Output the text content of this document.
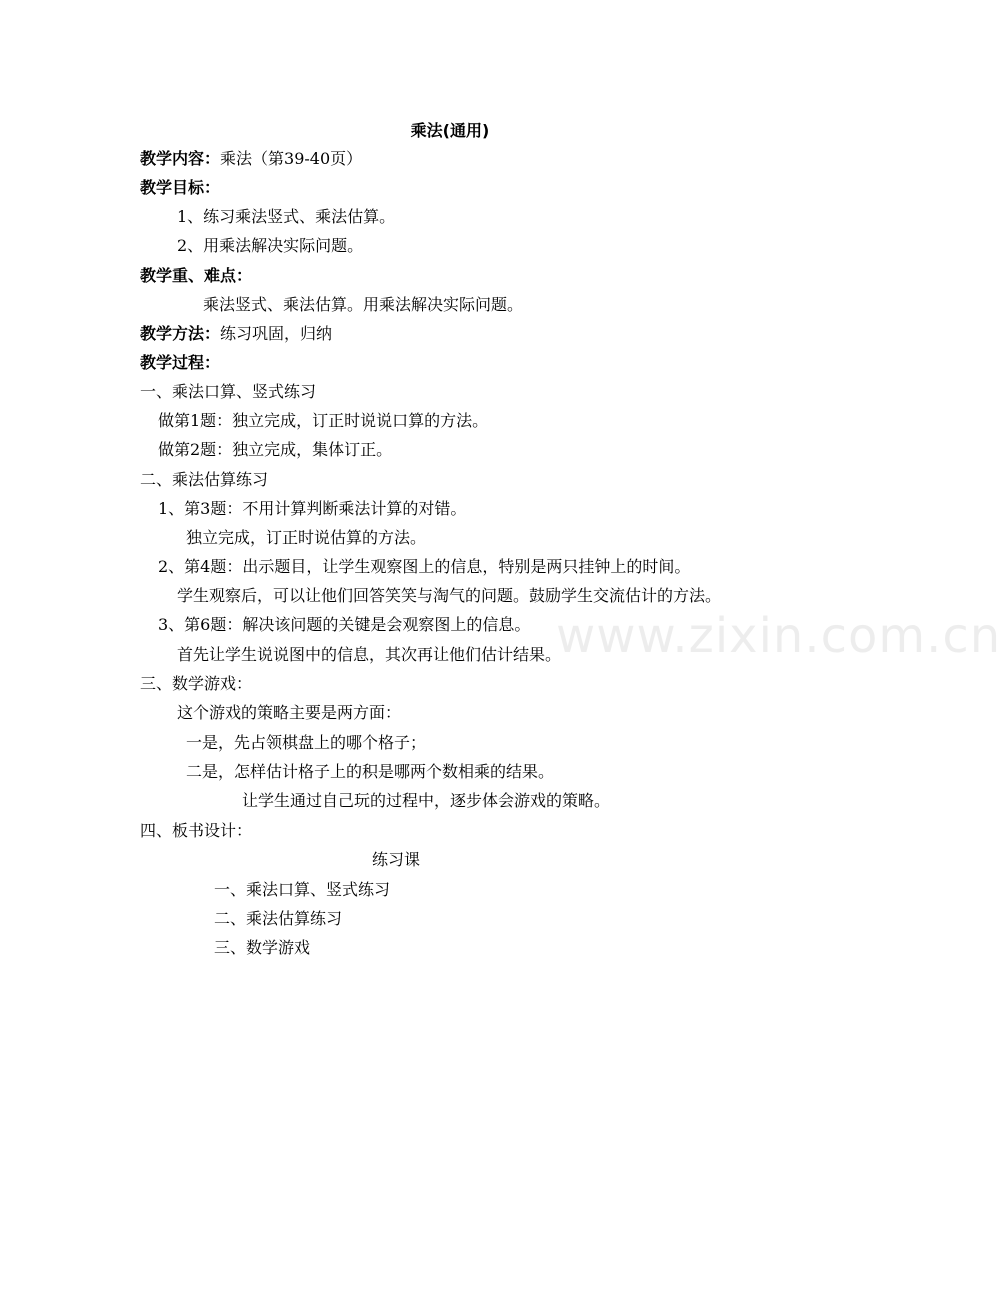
乘法(通用)
教学内容：乘法（第39-40页）
教学目标：
1、练习乘法竖式、乘法估算。
2、用乘法解决实际问题。
教学重、难点：
乘法竖式、乘法估算。用乘法解决实际问题。
教学方法：练习巩固，归纳
教学过程：
一、乘法口算、竖式练习
做第1题：独立完成，订正时说说口算的方法。
做第2题：独立完成，集体订正。
二、乘法估算练习
1、第3题：不用计算判断乘法计算的对错。
独立完成，订正时说估算的方法。
2、第4题：出示题目，让学生观察图上的信息，特别是两只挂钟上的时间。
学生观察后，可以让他们回答笑笑与淘气的问题。鼓励学生交流估计的方法。
3、第6题：解决该问题的关键是会观察图上的信息。
首先让学生说说图中的信息，其次再让他们估计结果。
三、数学游戏：
这个游戏的策略主要是两方面：
一是，先占领棋盘上的哪个格子；
二是，怎样估计格子上的积是哪两个数相乘的结果。
让学生通过自己玩的过程中，逐步体会游戏的策略。
四、板书设计：
练习课
一、乘法口算、竖式练习
二、乘法估算练习
三、数学游戏
www.zixin.com.cn
